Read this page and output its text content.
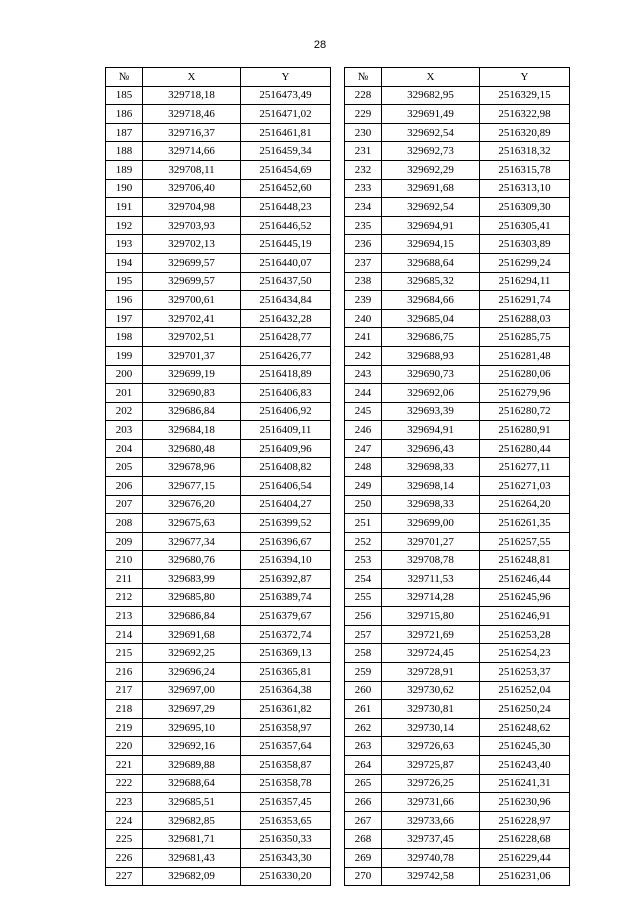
28
№	X	Y		№	X	Y
185	329718,18	2516473,49		228	329682,95	2516329,15
186	329718,46	2516471,02		229	329691,49	2516322,98
187	329716,37	2516461,81		230	329692,54	2516320,89
188	329714,66	2516459,34		231	329692,73	2516318,32
189	329708,11	2516454,69		232	329692,29	2516315,78
190	329706,40	2516452,60		233	329691,68	2516313,10
191	329704,98	2516448,23		234	329692,54	2516309,30
192	329703,93	2516446,52		235	329694,91	2516305,41
193	329702,13	2516445,19		236	329694,15	2516303,89
194	329699,57	2516440,07		237	329688,64	2516299,24
195	329699,57	2516437,50		238	329685,32	2516294,11
196	329700,61	2516434,84		239	329684,66	2516291,74
197	329702,41	2516432,28		240	329685,04	2516288,03
198	329702,51	2516428,77		241	329686,75	2516285,75
199	329701,37	2516426,77		242	329688,93	2516281,48
200	329699,19	2516418,89		243	329690,73	2516280,06
201	329690,83	2516406,83		244	329692,06	2516279,96
202	329686,84	2516406,92		245	329693,39	2516280,72
203	329684,18	2516409,11		246	329694,91	2516280,91
204	329680,48	2516409,96		247	329696,43	2516280,44
205	329678,96	2516408,82		248	329698,33	2516277,11
206	329677,15	2516406,54		249	329698,14	2516271,03
207	329676,20	2516404,27		250	329698,33	2516264,20
208	329675,63	2516399,52		251	329699,00	2516261,35
209	329677,34	2516396,67		252	329701,27	2516257,55
210	329680,76	2516394,10		253	329708,78	2516248,81
211	329683,99	2516392,87		254	329711,53	2516246,44
212	329685,80	2516389,74		255	329714,28	2516245,96
213	329686,84	2516379,67		256	329715,80	2516246,91
214	329691,68	2516372,74		257	329721,69	2516253,28
215	329692,25	2516369,13		258	329724,45	2516254,23
216	329696,24	2516365,81		259	329728,91	2516253,37
217	329697,00	2516364,38		260	329730,62	2516252,04
218	329697,29	2516361,82		261	329730,81	2516250,24
219	329695,10	2516358,97		262	329730,14	2516248,62
220	329692,16	2516357,64		263	329726,63	2516245,30
221	329689,88	2516358,87		264	329725,87	2516243,40
222	329688,64	2516358,78		265	329726,25	2516241,31
223	329685,51	2516357,45		266	329731,66	2516230,96
224	329682,85	2516353,65		267	329733,66	2516228,97
225	329681,71	2516350,33		268	329737,45	2516228,68
226	329681,43	2516343,30		269	329740,78	2516229,44
227	329682,09	2516330,20		270	329742,58	2516231,06
